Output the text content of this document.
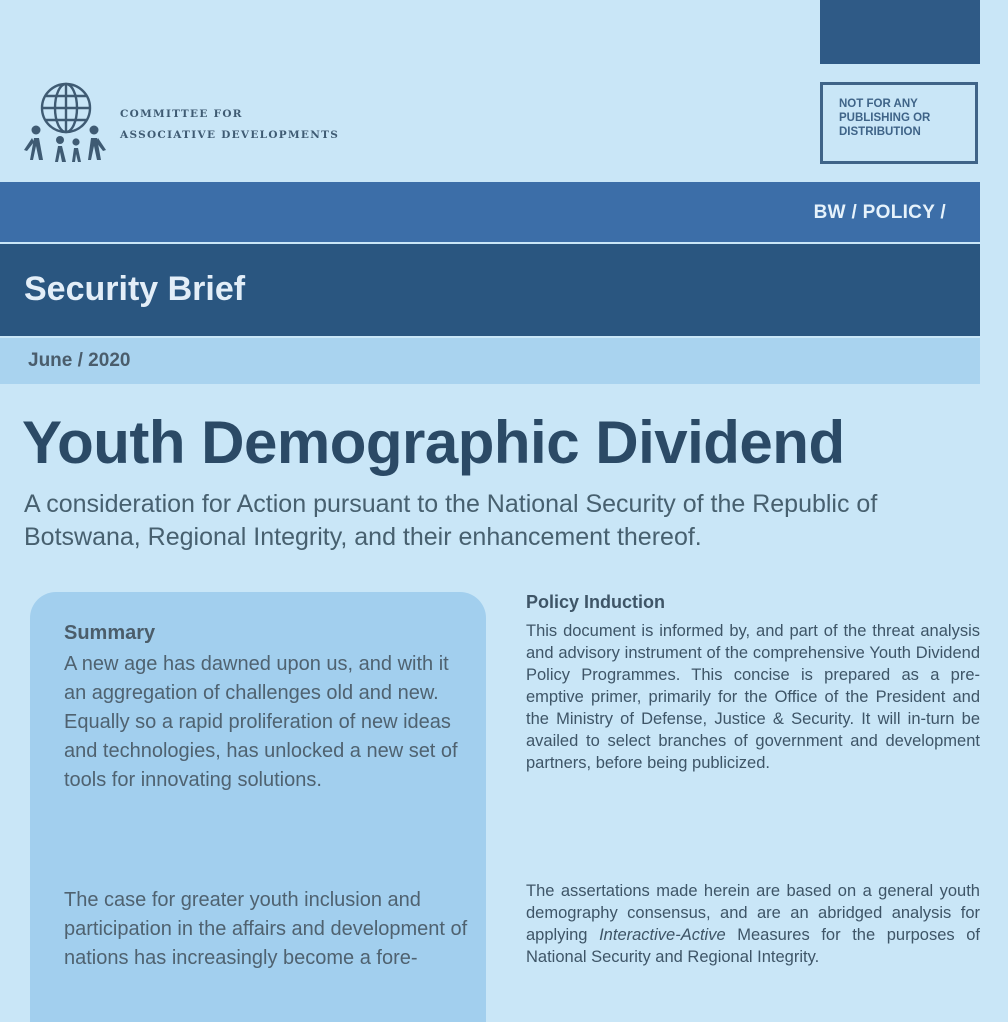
COMMITTEE FOR
ASSOCIATIVE DEVELOPMENTS
NOT FOR ANY
PUBLISHING OR
DISTRIBUTION
BW / POLICY /
Security Brief
June / 2020
Youth Demographic Dividend

A consideration for Action pursuant to the National Security of the Republic of Botswana, Regional Integrity, and their enhancement thereof.

Summary

A new age has dawned upon us, and with it an aggregation of challenges old and new. Equally so a rapid proliferation of new ideas and technologies, has unlocked a new set of tools for innovating solutions.

The case for greater youth inclusion and participation in the affairs and development of nations has increasingly become a fore-

Policy Induction

This document is informed by, and part of the threat analysis and advisory instrument of the comprehensive Youth Dividend Policy Programmes. This concise is prepared as a pre-emptive primer, primarily for the Office of the President and the Ministry of Defense, Justice & Security. It will in-turn be availed to select branches of government and development partners, before being publicized.

The assertations made herein are based on a general youth demography consensus, and are an abridged analysis for applying Interactive-Active Measures for the purposes of National Security and Regional Integrity.
